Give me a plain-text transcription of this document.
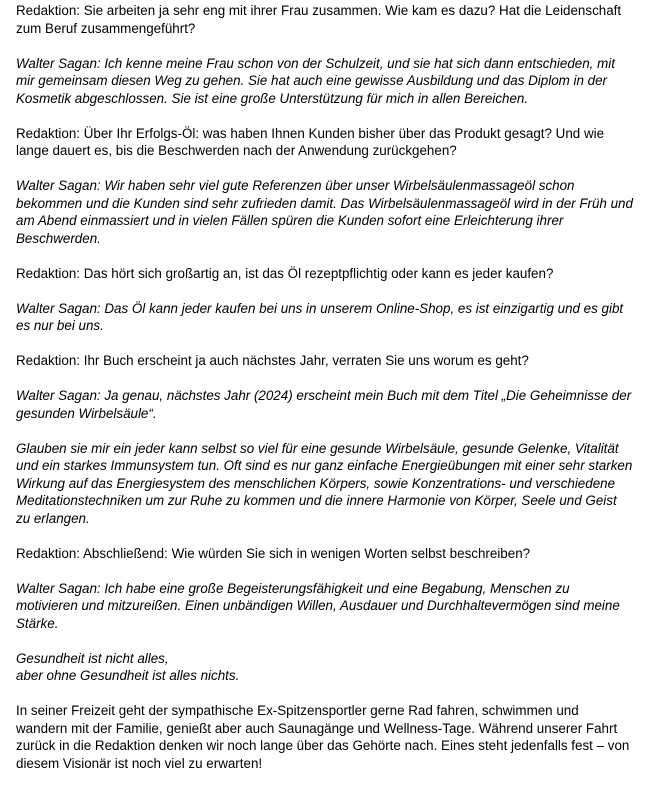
Redaktion: Sie arbeiten ja sehr eng mit ihrer Frau zusammen. Wie kam es dazu? Hat die Leidenschaft zum Beruf zusammengeführt?

Walter Sagan: Ich kenne meine Frau schon von der Schulzeit, und sie hat sich dann entschieden, mit mir gemeinsam diesen Weg zu gehen. Sie hat auch eine gewisse Ausbildung und das Diplom in der Kosmetik abgeschlossen. Sie ist eine große Unterstützung für mich in allen Bereichen.

Redaktion: Über Ihr Erfolgs-Öl: was haben Ihnen Kunden bisher über das Produkt gesagt? Und wie lange dauert es, bis die Beschwerden nach der Anwendung zurückgehen?

Walter Sagan: Wir haben sehr viel gute Referenzen über unser Wirbelsäulenmassageöl schon bekommen und die Kunden sind sehr zufrieden damit. Das Wirbelsäulenmassageöl wird in der Früh und am Abend einmassiert und in vielen Fällen spüren die Kunden sofort eine Erleichterung ihrer Beschwerden.

Redaktion: Das hört sich großartig an, ist das Öl rezeptpflichtig oder kann es jeder kaufen?

Walter Sagan: Das Öl kann jeder kaufen bei uns in unserem Online-Shop, es ist einzigartig und es gibt es nur bei uns.

Redaktion: Ihr Buch erscheint ja auch nächstes Jahr, verraten Sie uns worum es geht?

Walter Sagan: Ja genau, nächstes Jahr (2024) erscheint mein Buch mit dem Titel „Die Geheimnisse der gesunden Wirbelsäule“.

Glauben sie mir ein jeder kann selbst so viel für eine gesunde Wirbelsäule, gesunde Gelenke, Vitalität und ein starkes Immunsystem tun. Oft sind es nur ganz einfache Energieübungen mit einer sehr starken Wirkung auf das Energiesystem des menschlichen Körpers, sowie Konzentrations- und verschiedene Meditationstechniken um zur Ruhe zu kommen und die innere Harmonie von Körper, Seele und Geist zu erlangen.

Redaktion: Abschließend: Wie würden Sie sich in wenigen Worten selbst beschreiben?

Walter Sagan: Ich habe eine große Begeisterungsfähigkeit und eine Begabung, Menschen zu motivieren und mitzureißen. Einen unbändigen Willen, Ausdauer und Durchhaltevermögen sind meine Stärke.

Gesundheit ist nicht alles,
aber ohne Gesundheit ist alles nichts.

In seiner Freizeit geht der sympathische Ex-Spitzensportler gerne Rad fahren, schwimmen und wandern mit der Familie, genießt aber auch Saunagänge und Wellness-Tage. Während unserer Fahrt zurück in die Redaktion denken wir noch lange über das Gehörte nach. Eines steht jedenfalls fest – von diesem Visionär ist noch viel zu erwarten!
